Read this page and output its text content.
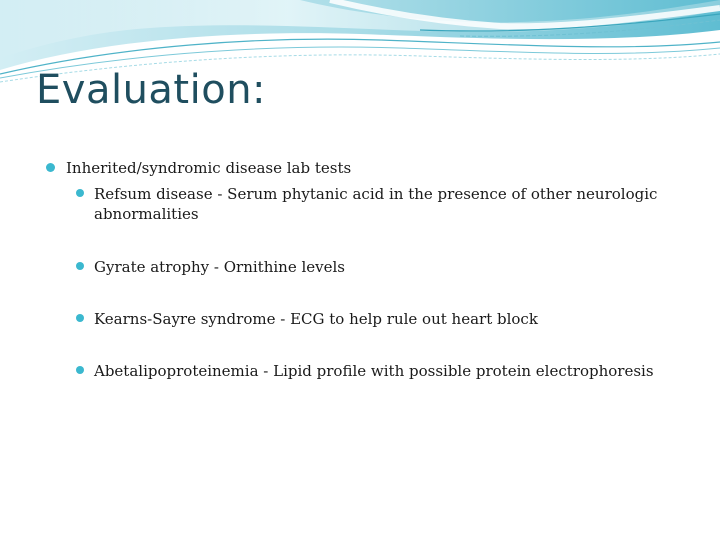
Evaluation:
Inherited/syndromic disease lab tests
Refsum disease - Serum phytanic acid in the presence of other neurologic abnormalities
Gyrate atrophy - Ornithine levels
Kearns-Sayre syndrome - ECG to help rule out heart block
Abetalipoproteinemia - Lipid profile with possible protein electrophoresis
